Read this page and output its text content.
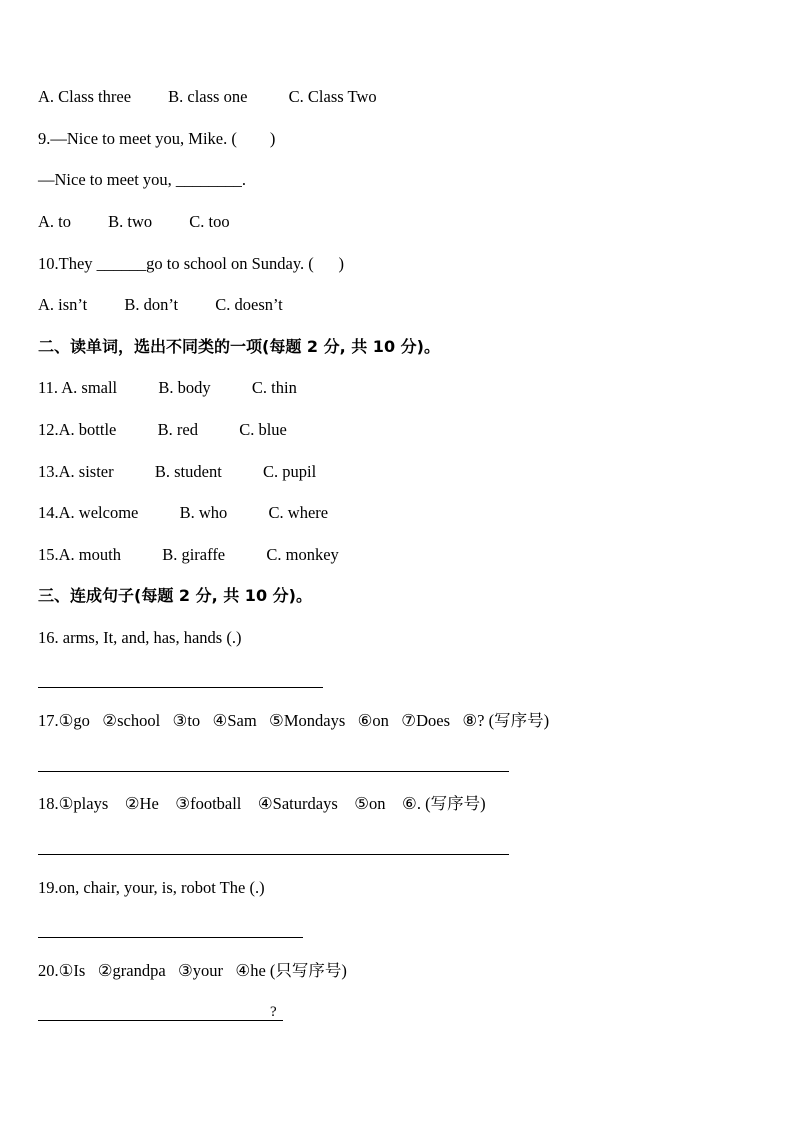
A. Class three         B. class one          C. Class Two
9.—Nice to meet you, Mike. (        )
—Nice to meet you, ________.
A. to         B. two         C. too
10.They ______go to school on Sunday. (      )
A. isn’t         B. don’t         C. doesn’t
二、读单词，选出不同类的一项(每题 2 分, 共 10 分)。
11. A. small          B. body          C. thin
12.A. bottle          B. red          C. blue
13.A. sister          B. student          C. pupil
14.A. welcome          B. who          C. where
15.A. mouth          B. giraffe          C. monkey
三、连成句子(每题 2 分, 共 10 分)。
16. arms, It, and, has, hands (.)
17.①go   ②school   ③to   ④Sam   ⑤Mondays   ⑥on   ⑦Does   ⑧? (写序号)
18.①plays    ②He    ③football    ④Saturdays    ⑤on    ⑥. (写序号)
19.on, chair, your, is, robot The (.)
20.①Is   ②grandpa   ③your   ④he (只写序号)
?
